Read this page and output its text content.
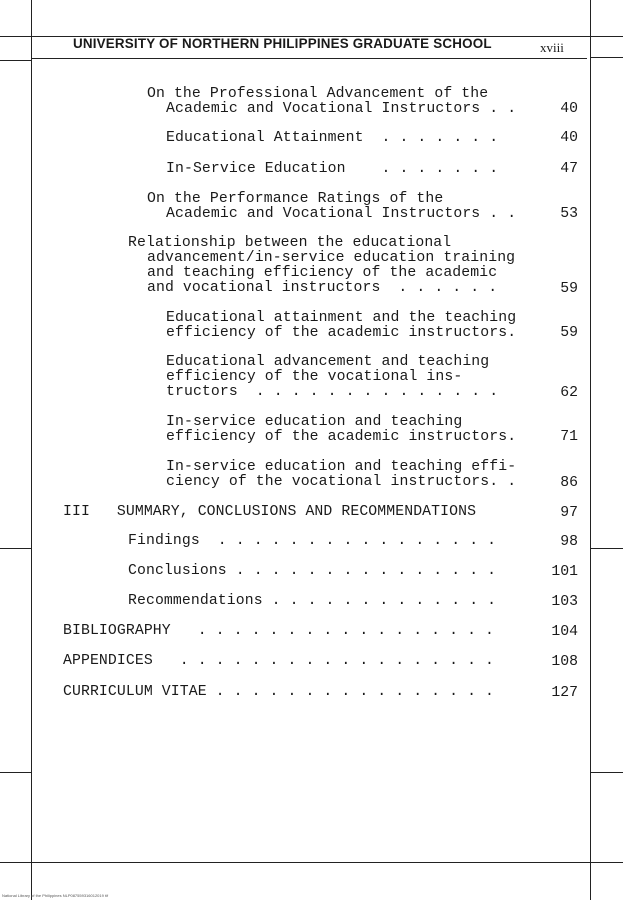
UNIVERSITY OF NORTHERN PHILIPPINES GRADUATE SCHOOL	xviii
On the Professional Advancement of the
Academic and Vocational Instructors . .	40
Educational Attainment  . . . . . . .	40
In-Service Education    . . . . . . .	47
On the Performance Ratings of the
Academic and Vocational Instructors . .	53
Relationship between the educational
advancement/in-service education training
and teaching efficiency of the academic
and vocational instructors  . . . . . .	59
Educational attainment and the teaching
efficiency of the academic instructors.	59
Educational advancement and teaching
efficiency of the vocational ins-
tructors  . . . . . . . . . . . . . .	62
In-service education and teaching
efficiency of the academic instructors.	71
In-service education and teaching effi-
ciency of the vocational instructors. .	86
III   SUMMARY, CONCLUSIONS AND RECOMMENDATIONS	97
Findings  . . . . . . . . . . . . . . . .	98
Conclusions . . . . . . . . . . . . . . .	101
Recommendations . . . . . . . . . . . . .	103
BIBLIOGRAPHY   . . . . . . . . . . . . . . . . .	104
APPENDICES   . . . . . . . . . . . . . . . . . .	108
CURRICULUM VITAE . . . . . . . . . . . . . . . .	127
National Library of the Philippines NLP087559316012019 tif
